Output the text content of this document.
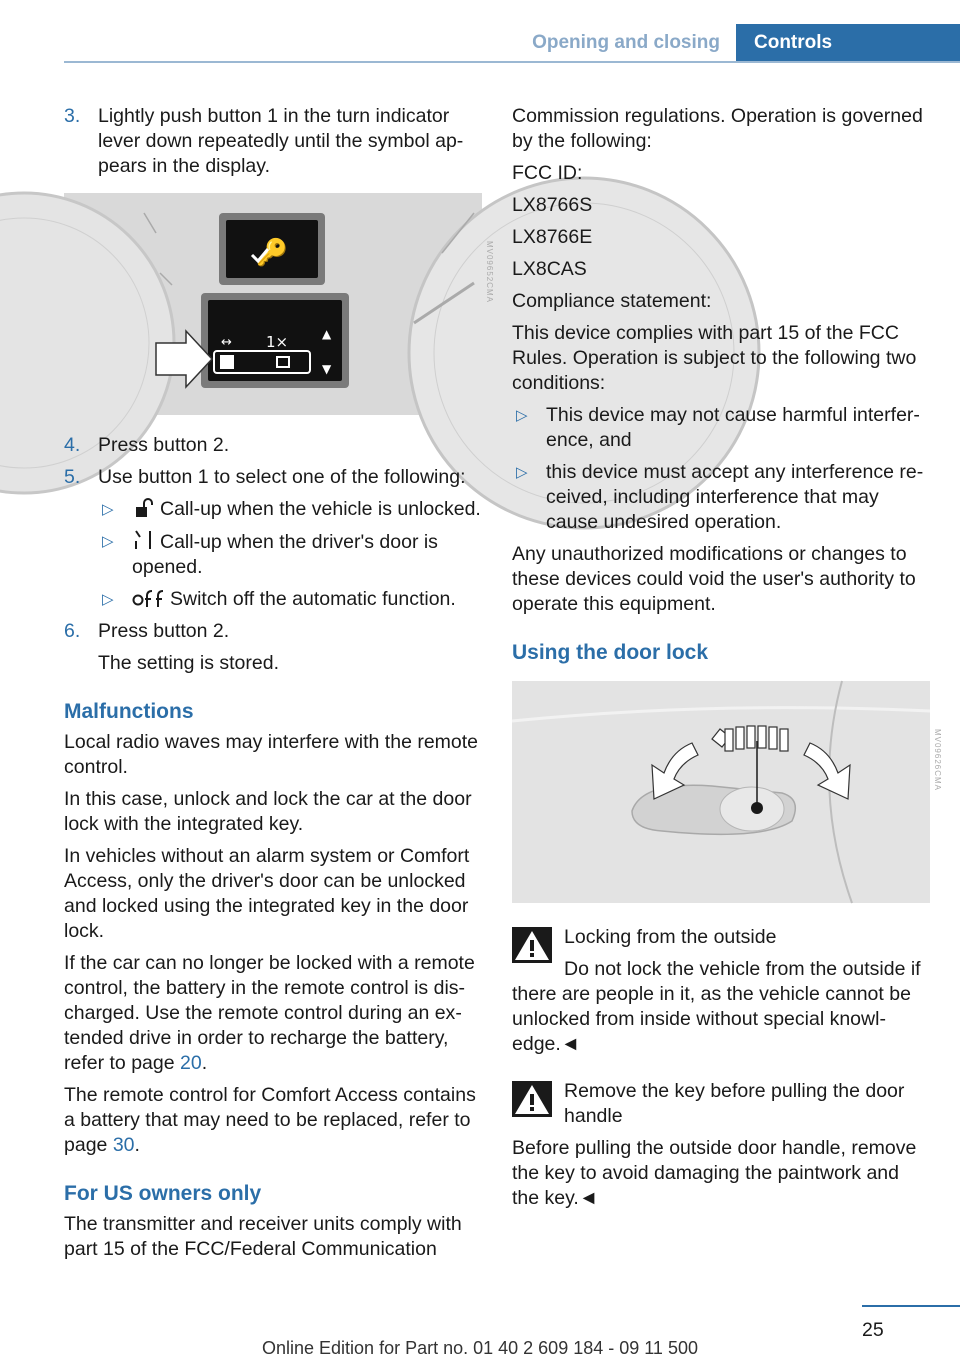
Opening and closing	Controls
3. Lightly push button 1 in the turn indicator lever down repeatedly until the symbol appears in the display.
🔑
↔ 1×	▲
▼
MV09652CMA
4. Press button 2.
5. Use button 1 to select one of the following:
▷ Call-up when the vehicle is unlocked.
▷ Call-up when the driver's door is opened.
▷	Switch off the automatic function.
6. Press button 2.

The setting is stored.

Malfunctions

Local radio waves may interfere with the remote control.

In this case, unlock and lock the car at the door lock with the integrated key.

In vehicles without an alarm system or Comfort Access, only the driver's door can be unlocked and locked using the integrated key in the door lock.

If the car can no longer be locked with a remote control, the battery in the remote control is discharged. Use the remote control during an extended drive in order to recharge the battery, refer to page 20.

The remote control for Comfort Access contains a battery that may need to be replaced, refer to page 30.

For US owners only

The transmitter and receiver units comply with part 15 of the FCC/Federal Communication

Commission regulations. Operation is governed by the following:

FCC ID:

LX8766S

LX8766E

LX8CAS

Compliance statement:

This device complies with part 15 of the FCC Rules. Operation is subject to the following two conditions:

▷ This device may not cause harmful interference, and
▷ this device must accept any interference received, including interference that may cause undesired operation.

Any unauthorized modifications or changes to these devices could void the user's authority to operate this equipment.

Using the door lock
MV09626CMA

Locking from the outside

Do not lock the vehicle from the outside if there are people in it, as the vehicle cannot be unlocked from inside without special knowledge.◄

Remove the key before pulling the door handle

Before pulling the outside door handle, remove the key to avoid damaging the paintwork and the key.◄

25
Online Edition for Part no. 01 40 2 609 184 - 09 11 500
